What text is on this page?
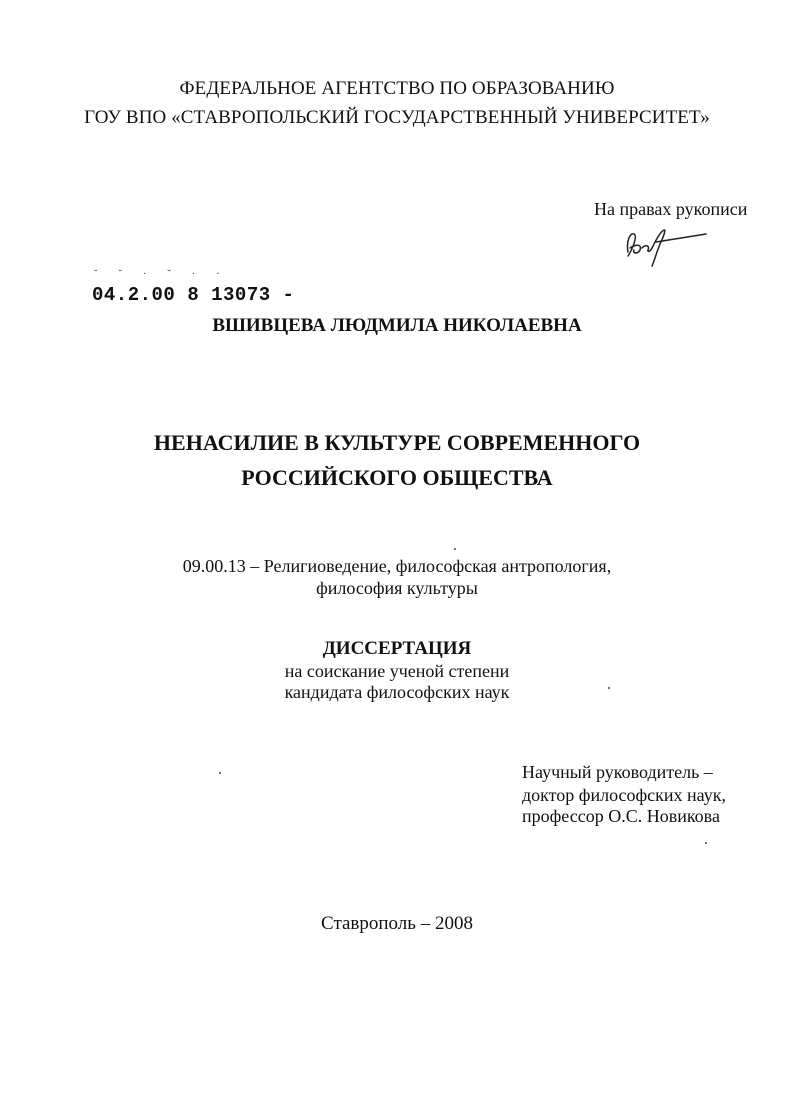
ФЕДЕРАЛЬНОЕ АГЕНТСТВО ПО ОБРАЗОВАНИЮ
ГОУ ВПО «СТАВРОПОЛЬСКИЙ ГОСУДАРСТВЕННЫЙ УНИВЕРСИТЕТ»
На правах рукописи
˘ ˘ · ˘ · ·
04.2.00 8 13073 -
ВШИВЦЕВА ЛЮДМИЛА НИКОЛАЕВНА
НЕНАСИЛИЕ В КУЛЬТУРЕ СОВРЕМЕННОГО
РОССИЙСКОГО ОБЩЕСТВА
09.00.13 – Религиоведение, философская антропология,
философия культуры
ДИССЕРТАЦИЯ
на соискание ученой степени
кандидата философских наук
Научный руководитель –
доктор философских наук,
профессор О.С. Новикова
Ставрополь – 2008
